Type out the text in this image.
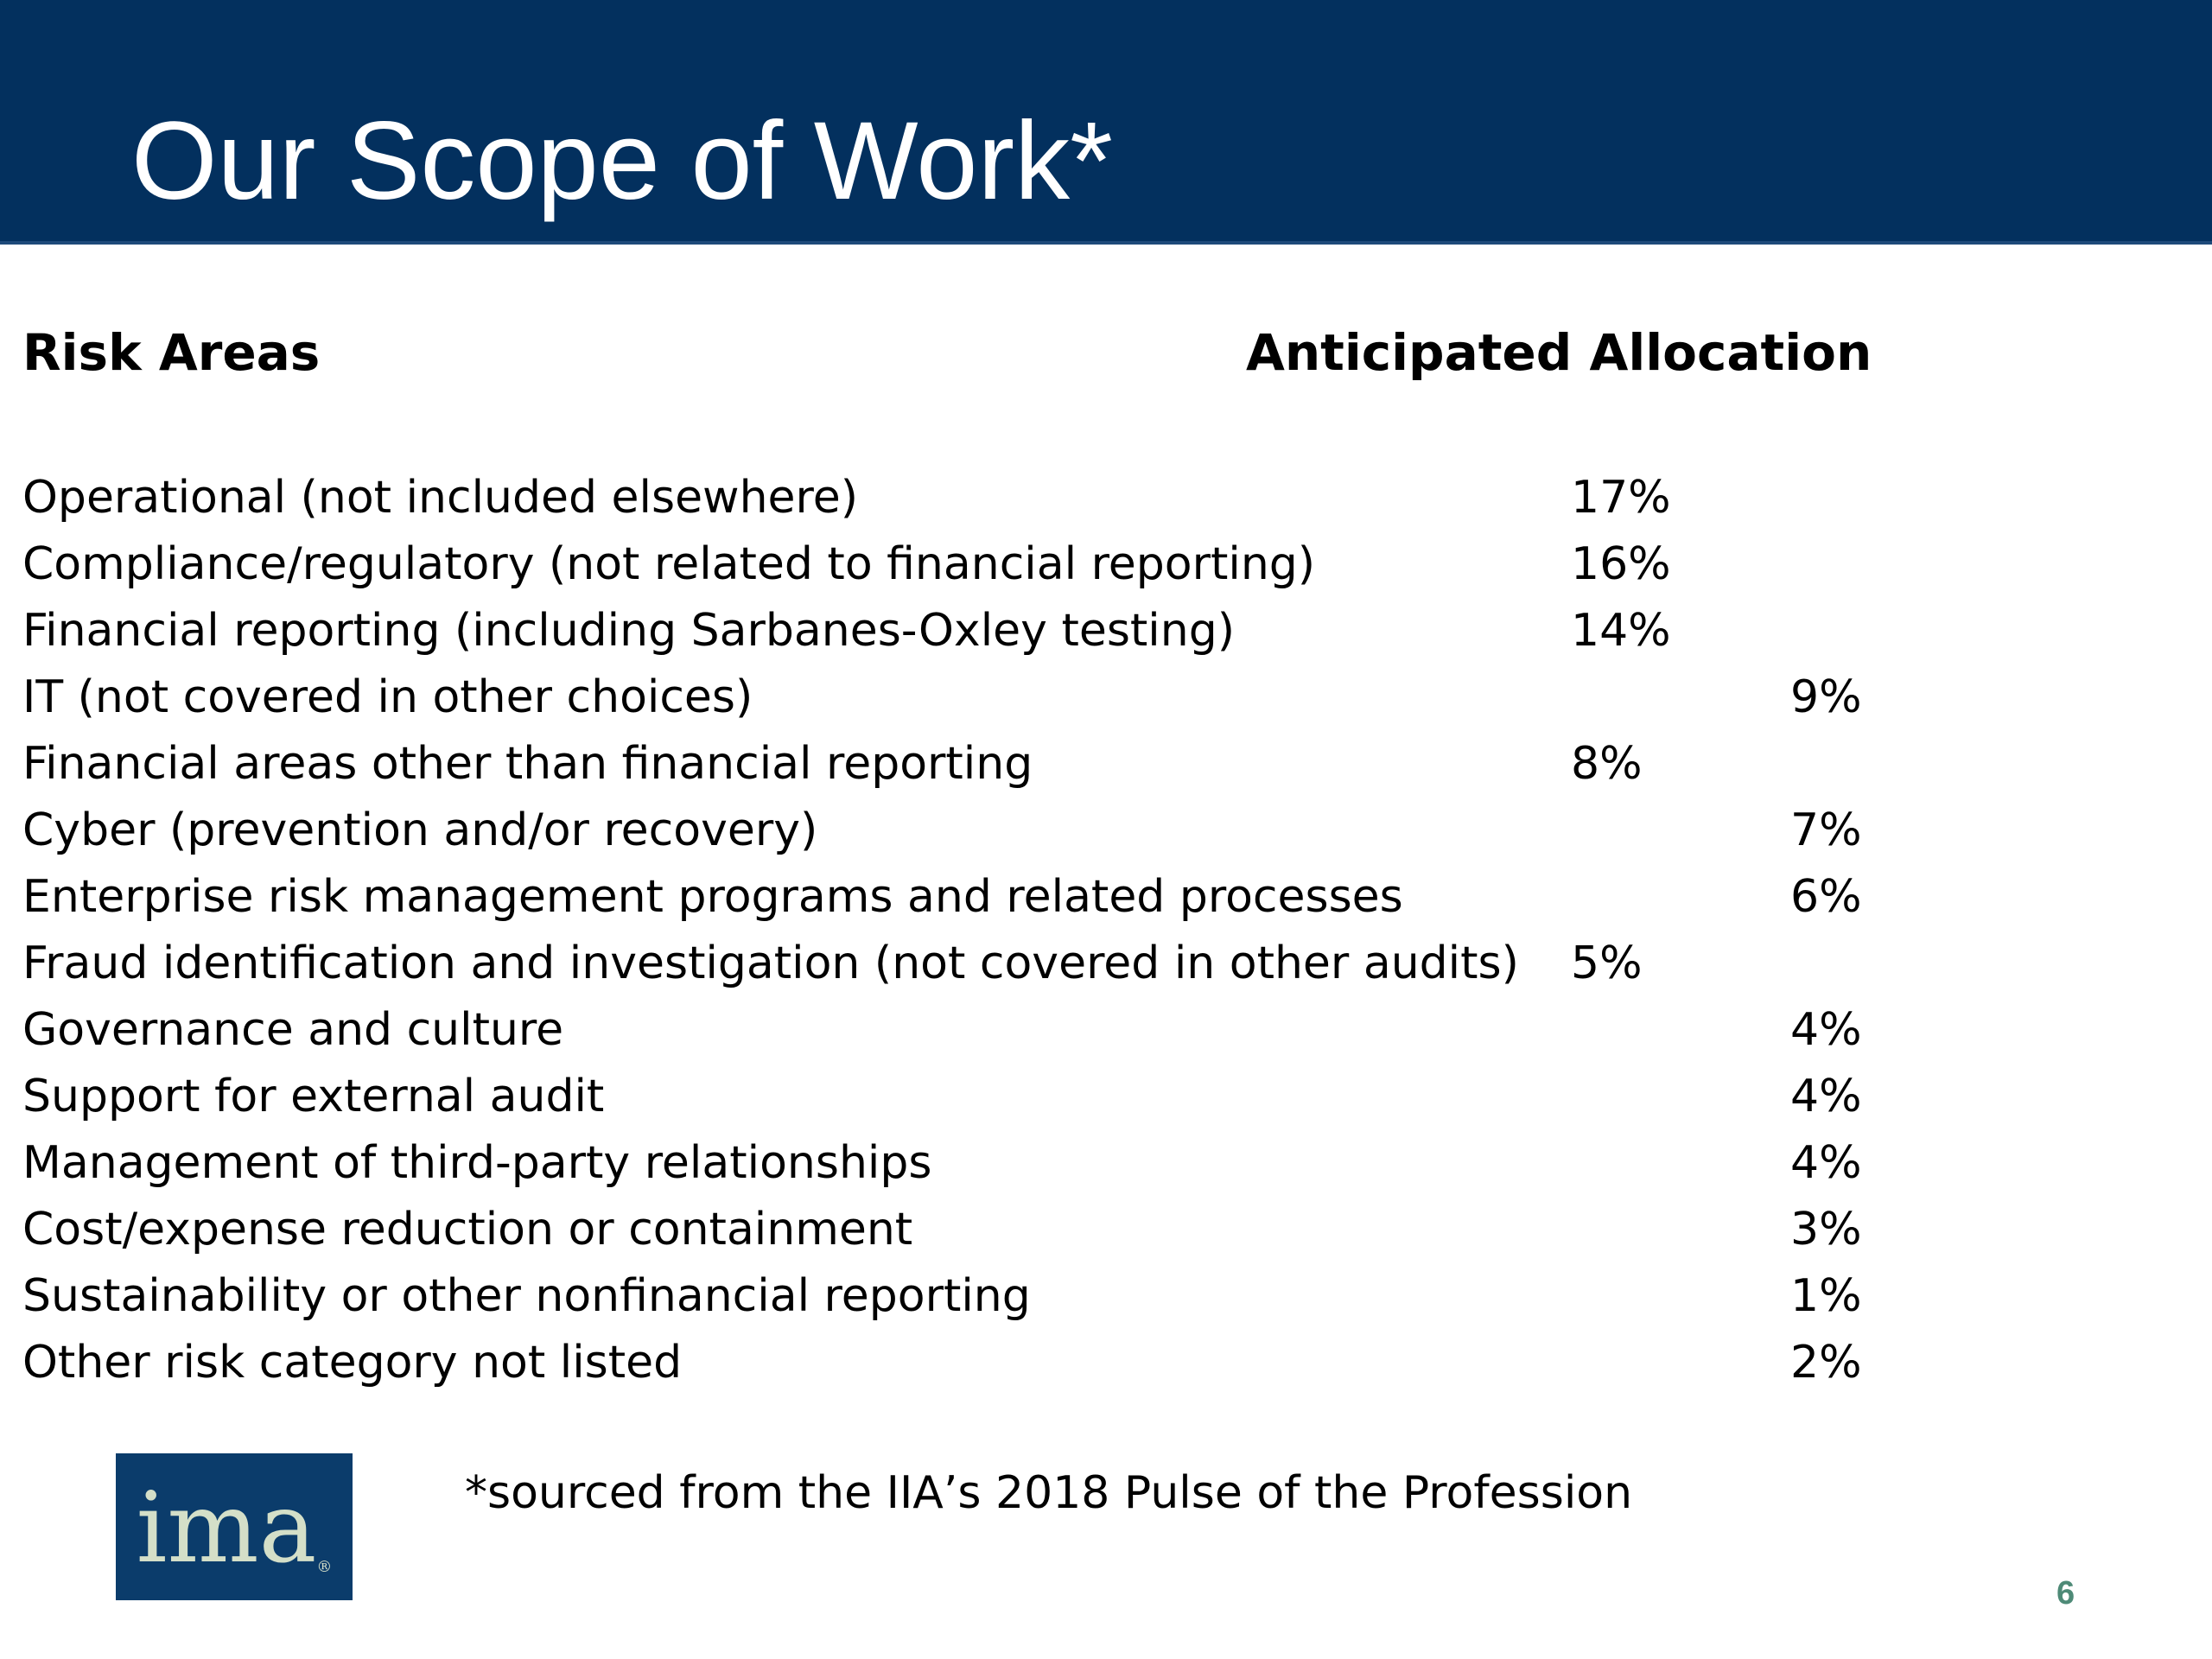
Our Scope of Work*
Risk Areas	Anticipated Allocation
Operational (not included elsewhere)	17%
Compliance/regulatory (not related to financial reporting)	16%
Financial reporting (including Sarbanes-Oxley testing)	14%
IT (not covered in other choices)	9%
Financial areas other than financial reporting	8%
Cyber (prevention and/or recovery)	7%
Enterprise risk management programs and related processes	6%
Fraud identification and investigation (not covered in other audits) 5%
Governance and culture	4%
Support for external audit	4%
Management of third-party relationships	4%
Cost/expense reduction or containment	3%
Sustainability or other nonfinancial reporting	1%
Other risk category not listed	2%
ima ®
*sourced from the IIA’s 2018 Pulse of the Profession
6
